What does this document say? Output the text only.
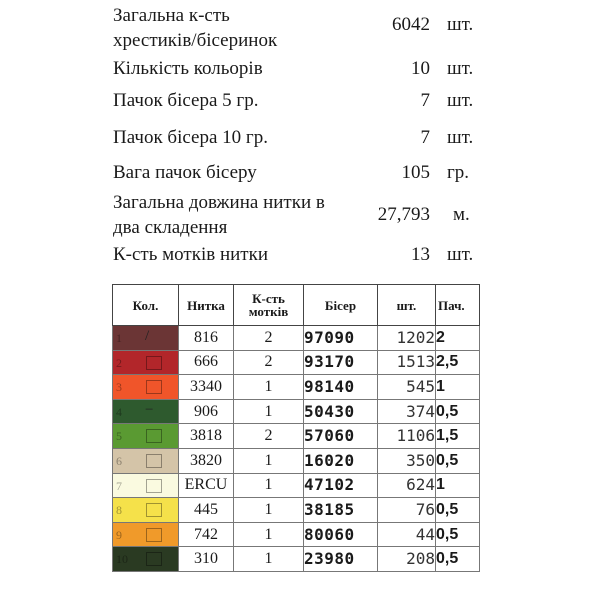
Загальна к-сть
хрестиків/бісеринок
6042 шт.
Кількість кольорів	10 шт.
Пачок бісера 5 гр.	7 шт.
Пачок бісера 10 гр.	7 шт.
Вага пачок бісеру	105 гр.
Загальна довжина нитки в
два складення
27,793 м.
К-сть мотків нитки	13 шт.
Кол.	Нитка	К-сть мотків	Бісер	шт.	Пач.

1 /	816	2	97090	1202	2

2	666	2	93170	1513	2,5

3	3340	1	98140	545	1

4 −	906	1	50430	374	0,5

5	3818	2	57060	1106	1,5

6	3820	1	16020	350	0,5

7	ERCU	1	47102	624	1

8	445	1	38185	76	0,5

9	742	1	80060	44	0,5

10	310	1	23980	208	0,5
